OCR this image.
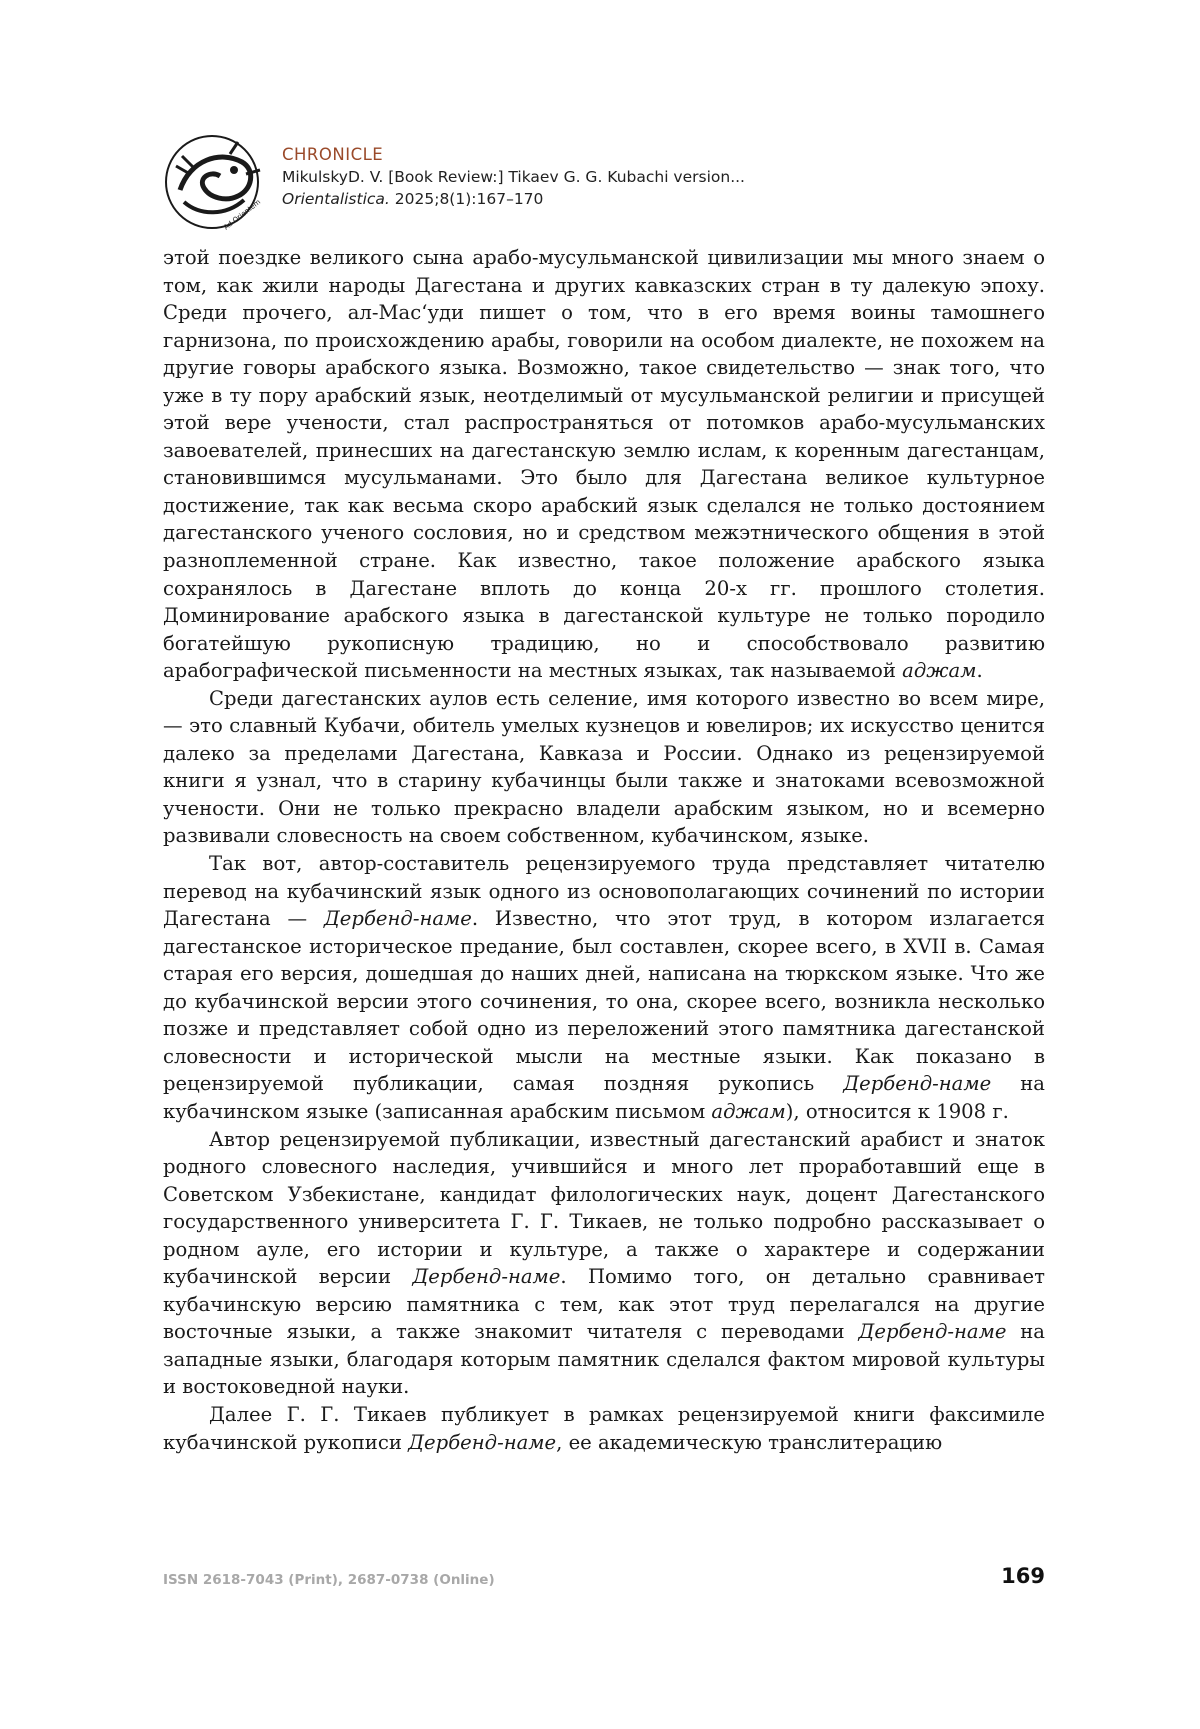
Ad Orientem
CHRONICLE
MikulskyD. V. [Book Review:] Tikaev G. G. Kubachi version...
Orientalistica. 2025;8(1):167–170

этой поездке великого сына арабо-мусульманской цивилизации мы много знаем о том, как жили народы Дагестана и других кавказских стран в ту далекую эпоху. Среди прочего, ал-Масʻуди пишет о том, что в его время воины тамошнего гарнизона, по происхождению арабы, говорили на особом диалекте, не похожем на другие говоры арабского языка. Возможно, такое свидетельство — знак того, что уже в ту пору арабский язык, неотделимый от мусульманской религии и присущей этой вере учености, стал распространяться от потомков арабо-мусульманских завоевателей, принесших на дагестанскую землю ислам, к коренным дагестанцам, становившимся мусульманами. Это было для Дагестана великое культурное достижение, так как весьма скоро арабский язык сделался не только достоянием дагестанского ученого сословия, но и средством межэтнического общения в этой разноплеменной стране. Как известно, такое положение арабского языка сохранялось в Дагестане вплоть до конца 20-х гг. прошлого столетия. Доминирование арабского языка в дагестанской культуре не только породило богатейшую рукописную традицию, но и способствовало развитию арабографической письменности на местных языках, так называемой аджам.

Среди дагестанских аулов есть селение, имя которого известно во всем мире, — это славный Кубачи, обитель умелых кузнецов и ювелиров; их искусство ценится далеко за пределами Дагестана, Кавказа и России. Однако из рецензируемой книги я узнал, что в старину кубачинцы были также и знатоками всевозможной учености. Они не только прекрасно владели арабским языком, но и всемерно развивали словесность на своем собственном, кубачинском, языке.

Так вот, автор-составитель рецензируемого труда представляет читателю перевод на кубачинский язык одного из основополагающих сочинений по истории Дагестана — Дербенд-наме. Известно, что этот труд, в котором излагается дагестанское историческое предание, был составлен, скорее всего, в XVII в. Самая старая его версия, дошедшая до наших дней, написана на тюркском языке. Что же до кубачинской версии этого сочинения, то она, скорее всего, возникла несколько позже и представляет собой одно из переложений этого памятника дагестанской словесности и исторической мысли на местные языки. Как показано в рецензируемой публикации, самая поздняя рукопись Дербенд-наме на кубачинском языке (записанная арабским письмом аджам), относится к 1908 г.

Автор рецензируемой публикации, известный дагестанский арабист и знаток родного словесного наследия, учившийся и много лет проработавший еще в Советском Узбекистане, кандидат филологических наук, доцент Дагестанского государственного университета Г. Г. Тикаев, не только подробно рассказывает о родном ауле, его истории и культуре, а также о характере и содержании кубачинской версии Дербенд-наме. Помимо того, он детально сравнивает кубачинскую версию памятника с тем, как этот труд перелагался на другие восточные языки, а также знакомит читателя с переводами Дербенд-наме на западные языки, благодаря которым памятник сделался фактом мировой культуры и востоковедной науки.

Далее Г. Г. Тикаев публикует в рамках рецензируемой книги факсимиле кубачинской рукописи Дербенд-наме, ее академическую транслитерацию

ISSN 2618-7043 (Print), 2687-0738 (Online)	169
